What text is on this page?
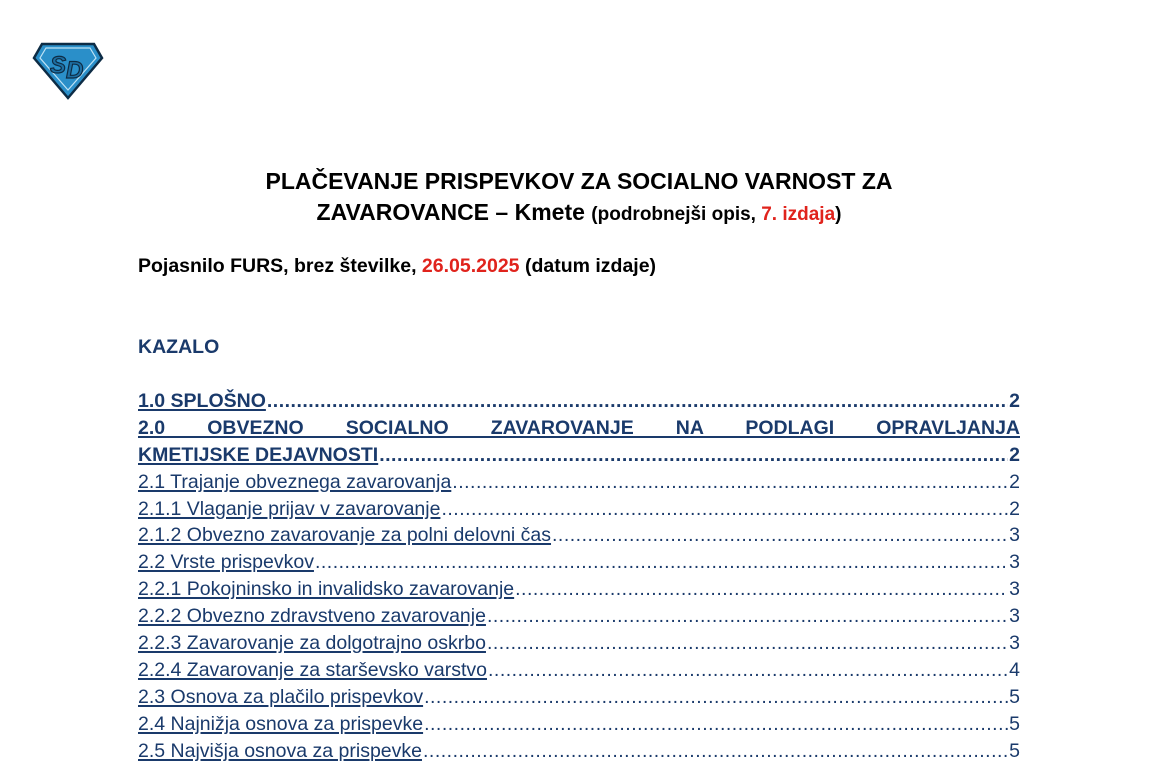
S D
PLAČEVANJE PRISPEVKOV ZA SOCIALNO VARNOST ZA
ZAVAROVANCE – Kmete (podrobnejši opis, 7. izdaja)
Pojasnilo FURS, brez številke, 26.05.2025 (datum izdaje)
KAZALO
1.0 SPLOŠNO .....	2
2.0 OBVEZNO SOCIALNO ZAVAROVANJE NA PODLAGI OPRAVLJANJA
KMETIJSKE DEJAVNOSTI .....	2
2.1 Trajanje obveznega zavarovanja .....	2
2.1.1 Vlaganje prijav v zavarovanje .....	2
2.1.2 Obvezno zavarovanje za polni delovni čas .....	3
2.2 Vrste prispevkov .....	3
2.2.1 Pokojninsko in invalidsko zavarovanje .....	3
2.2.2 Obvezno zdravstveno zavarovanje .....	3
2.2.3 Zavarovanje za dolgotrajno oskrbo .....	3
2.2.4 Zavarovanje za starševsko varstvo .....	4
2.3 Osnova za plačilo prispevkov .....	5
2.4 Najnižja osnova za prispevke .....	5
2.5 Najvišja osnova za prispevke .....	5
